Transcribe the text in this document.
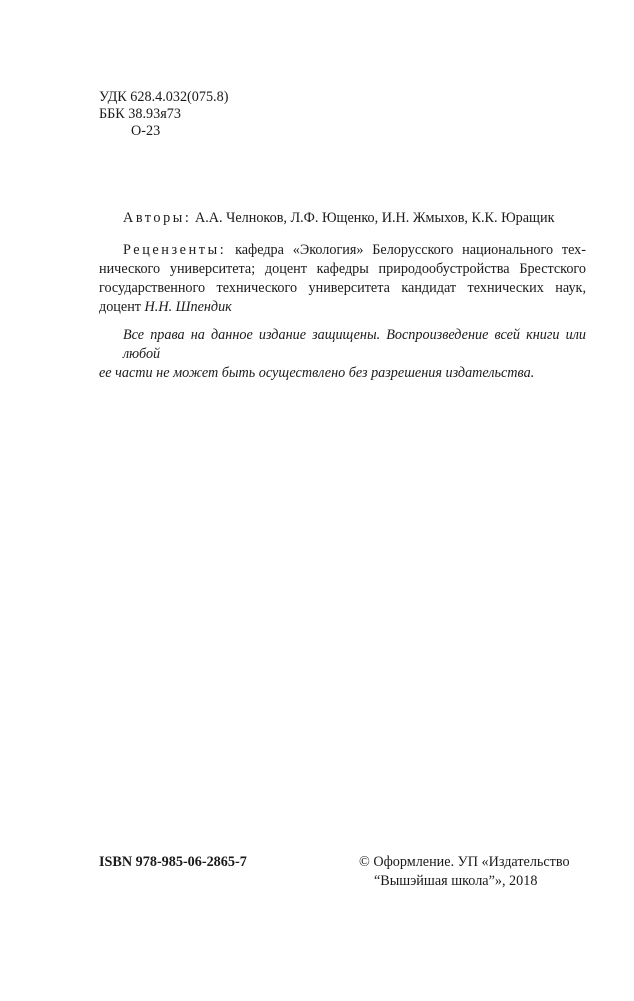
УДК 628.4.032(075.8)
ББК 38.93я73
О-23
Авторы: А.А. Челноков, Л.Ф. Ющенко, И.Н. Жмыхов, К.К. Юращик
Рецензенты: кафедра «Экология» Белорусского национального тех-
нического университета; доцент кафедры природообустройства Брестского
государственного технического университета кандидат технических наук,
доцент Н.Н. Шпендик
Все права на данное издание защищены. Воспроизведение всей книги или любой
ее части не может быть осуществлено без разрешения издательства.
ISBN 978-985-06-2865-7	© Оформление. УП «Издательство
“Вышэйшая школа”», 2018
